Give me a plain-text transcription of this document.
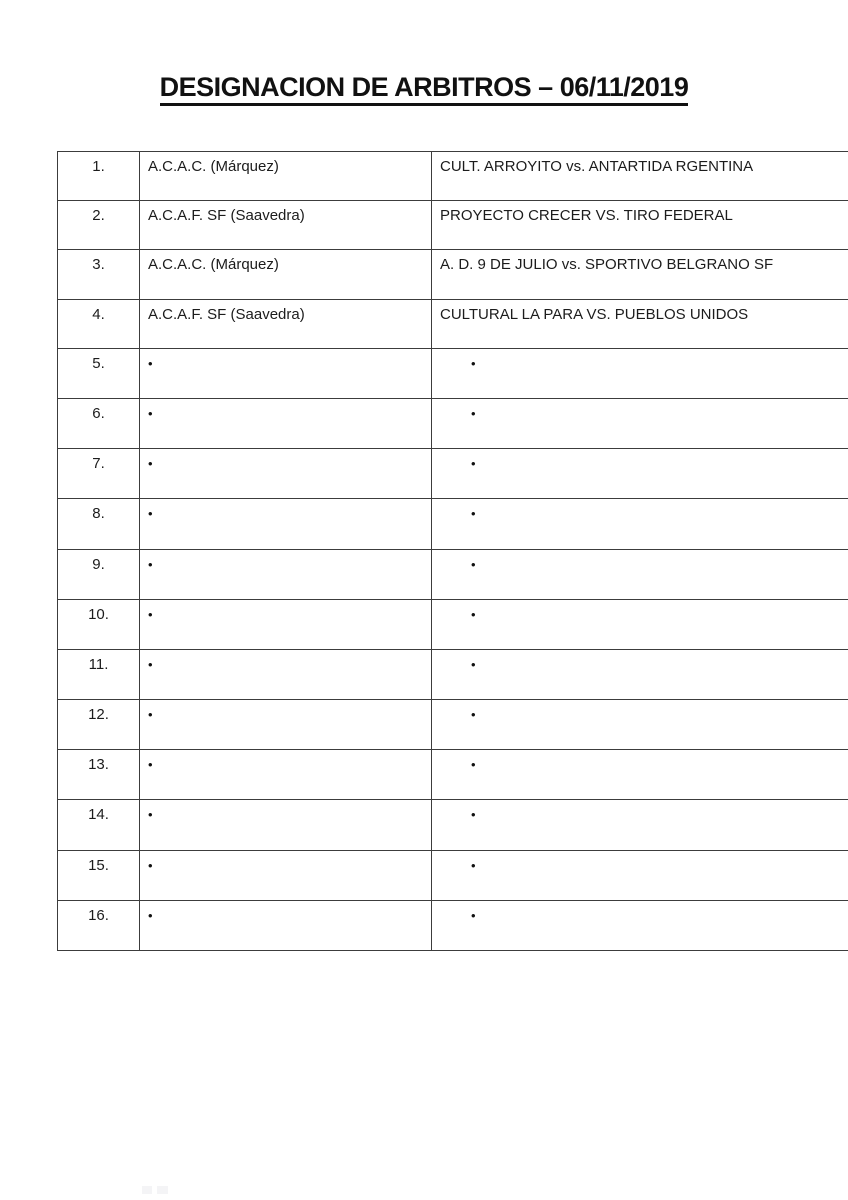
DESIGNACION DE ARBITROS – 06/11/2019
1.	A.C.A.C. (Márquez)	CULT. ARROYITO vs. ANTARTIDA RGENTINA
2.	A.C.A.F. SF (Saavedra)	PROYECTO CRECER VS. TIRO FEDERAL
3.	A.C.A.C. (Márquez)	A. D. 9 DE JULIO vs. SPORTIVO BELGRANO SF
4.	A.C.A.F. SF (Saavedra)	CULTURAL LA PARA VS. PUEBLOS UNIDOS
5.	•	•
6.	•	•
7.	•	•
8.	•	•
9.	•	•
10.	•	•
11.	•	•
12.	•	•
13.	•	•
14.	•	•
15.	•	•
16.	•	•
